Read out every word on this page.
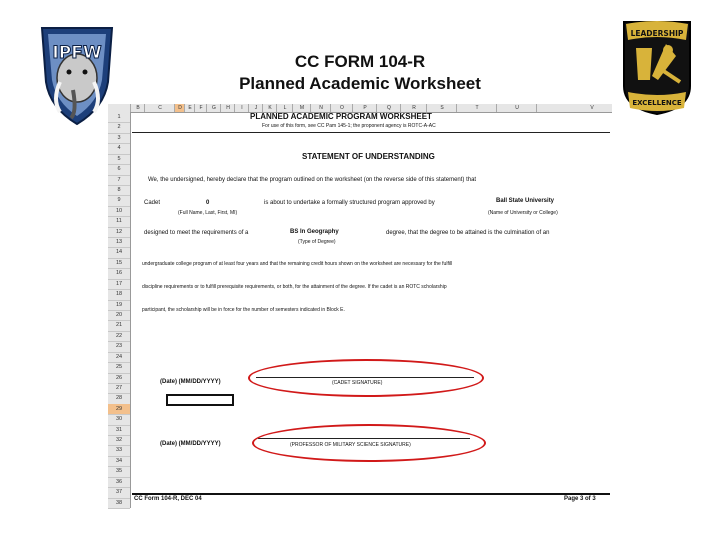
CC FORM 104-R
Planned Academic Worksheet
IPFW
LEADERSHIP
EXCELLENCE
B	C	D	E	F	G	H	I	J	K	L	M	N	O	P	Q	R	S	T	U	V
1
2
3
4
5
6
7
8
9
10
11
12
13
14
15
16
17
18
19
20
21
22
23
24
25
26
27
28
29
30
31
32
33
34
35
36
37
38
PLANNED ACADEMIC PROGRAM WORKSHEET
For use of this form, see CC Pam 145-1; the proponent agency is ROTC-A-AC
STATEMENT OF UNDERSTANDING
We, the undersigned, hereby declare that the program outlined on the worksheet (on the reverse side of this statement) that
Cadet	0
(Full Name, Last, First, MI)
is about to undertake a formally structured program approved by	Ball State University
(Name of University or College)
designed to meet the requirements of a	BS In Geography
(Type of Degree)
degree, that the degree to be attained is the culmination of an
undergraduate college program of at least four years and that the remaining credit hours shown on the worksheet are necessary for the fulfill
discipline requirements or to fulfill prerequisite requirements, or both, for the attainment of the degree. If the cadet is an ROTC scholarship
participant, the scholarship will be in force for the number of semesters indicated in Block E.
(Date) (MM/DD/YYYY)	(CADET SIGNATURE)
(Date) (MM/DD/YYYY)	(PROFESSOR OF MILITARY SCIENCE SIGNATURE)
CC Form 104-R, DEC 04	Page 3 of 3
